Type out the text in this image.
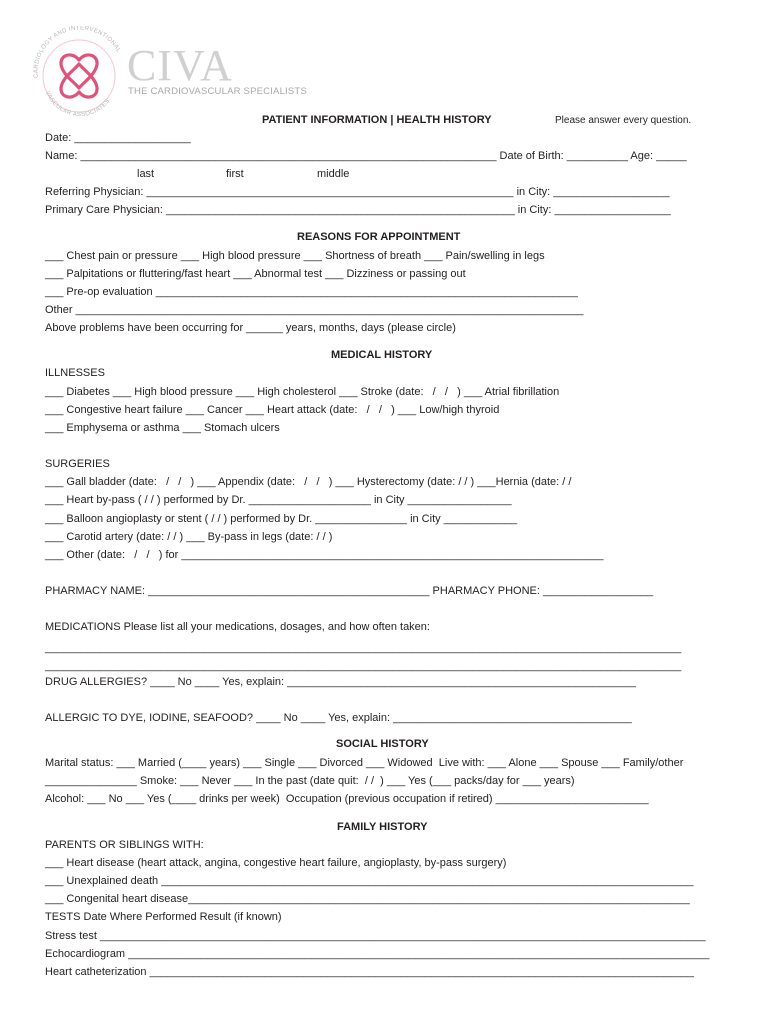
CARDIOLOGY AND INTERVENTIONAL
VASCULAR ASSOCIATES
CIVA
THE CARDIOVASCULAR SPECIALISTS
PATIENT INFORMATION | HEALTH HISTORY	Please answer every question.
Date: ___________________
Name: ____________________________________________________________________ Date of Birth: __________ Age: _____
last	first	middle
Referring Physician: ____________________________________________________________ in City: ___________________
Primary Care Physician: _________________________________________________________ in City: ___________________
REASONS FOR APPOINTMENT
___ Chest pain or pressure ___ High blood pressure ___ Shortness of breath ___ Pain/swelling in legs
___ Palpitations or fluttering/fast heart ___ Abnormal test ___ Dizziness or passing out
___ Pre-op evaluation _____________________________________________________________________
Other ___________________________________________________________________________________
Above problems have been occurring for ______ years, months, days (please circle)
MEDICAL HISTORY
ILLNESSES
___ Diabetes ___ High blood pressure ___ High cholesterol ___ Stroke (date:   /   /   ) ___ Atrial fibrillation
___ Congestive heart failure ___ Cancer ___ Heart attack (date:   /   /   ) ___ Low/high thyroid
___ Emphysema or asthma ___ Stomach ulcers
SURGERIES
___ Gall bladder (date:   /   /   ) ___ Appendix (date:   /   /   ) ___ Hysterectomy (date: / / ) ___Hernia (date: / /
___ Heart by-pass ( / / ) performed by Dr. ____________________ in City _________________
___ Balloon angioplasty or stent ( / / ) performed by Dr. _______________ in City ____________
___ Carotid artery (date: / / ) ___ By-pass in legs (date: / / )
___ Other (date:   /   /   ) for _____________________________________________________________________
PHARMACY NAME: ______________________________________________ PHARMACY PHONE: __________________
MEDICATIONS Please list all your medications, dosages, and how often taken:
________________________________________________________________________________________________________
________________________________________________________________________________________________________
DRUG ALLERGIES? ____ No ____ Yes, explain: _________________________________________________________
ALLERGIC TO DYE, IODINE, SEAFOOD? ____ No ____ Yes, explain: _______________________________________
SOCIAL HISTORY
Marital status: ___ Married (____ years) ___ Single ___ Divorced ___ Widowed  Live with: ___ Alone ___ Spouse ___ Family/other
_______________ Smoke: ___ Never ___ In the past (date quit:  / /  ) ___ Yes (___ packs/day for ___ years)
Alcohol: ___ No ___ Yes (____ drinks per week)  Occupation (previous occupation if retired) _________________________
FAMILY HISTORY
PARENTS OR SIBLINGS WITH:
___ Heart disease (heart attack, angina, congestive heart failure, angioplasty, by-pass surgery)
___ Unexplained death _______________________________________________________________________________________
___ Congenital heart disease__________________________________________________________________________________
TESTS Date Where Performed Result (if known)
Stress test ___________________________________________________________________________________________________
Echocardiogram _______________________________________________________________________________________________
Heart catheterization _________________________________________________________________________________________
